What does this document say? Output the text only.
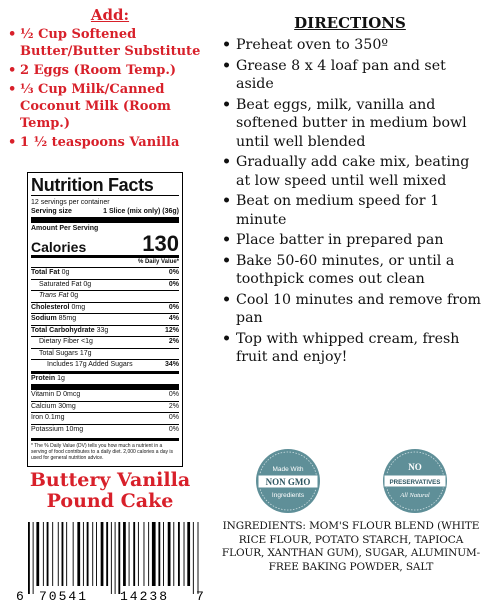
Add:
• ½ Cup Softened Butter/Butter Substitute
• 2 Eggs (Room Temp.)
• ⅓ Cup Milk/Canned Coconut Milk (Room Temp.)
• 1 ½ teaspoons Vanilla
Nutrition Facts
12 servings per container
Serving size	1 Slice (mix only) (36g)
Amount Per Serving
Calories	130
% Daily Value*
Total Fat 0g	0%
Saturated Fat 0g	0%
Trans Fat 0g
Cholesterol 0mg	0%
Sodium 85mg	4%
Total Carbohydrate 33g	12%
Dietary Fiber <1g	2%
Total Sugars 17g
Includes 17g Added Sugars	34%
Protein 1g
Vitamin D 0mcg	0%
Calcium 30mg	2%
Iron 0.1mg	0%
Potassium 10mg	0%
* The % Daily Value (DV) tells you how much a nutrient in a serving of food contributes to a daily diet. 2,000 calories a day is used for general nutrition advice.
Buttery Vanilla Pound Cake
6 70541 14238 7
DIRECTIONS
• Preheat oven to 350º
• Grease 8 x 4 loaf pan and set aside
• Beat eggs, milk, vanilla and softened butter in medium bowl until well blended
• Gradually add cake mix, beating at low speed until well mixed
• Beat on medium speed for 1 minute
• Place batter in prepared pan
• Bake 50-60 minutes, or until a toothpick comes out clean
• Cool 10 minutes and remove from pan
• Top with whipped cream, fresh fruit and enjoy!
Made With
NON GMO
Ingredients
NO
PRESERVATIVES
All Natural
INGREDIENTS: MOM'S FLOUR BLEND (WHITE RICE FLOUR, POTATO STARCH, TAPIOCA FLOUR, XANTHAN GUM), SUGAR, ALUMINUM-FREE BAKING POWDER, SALT
